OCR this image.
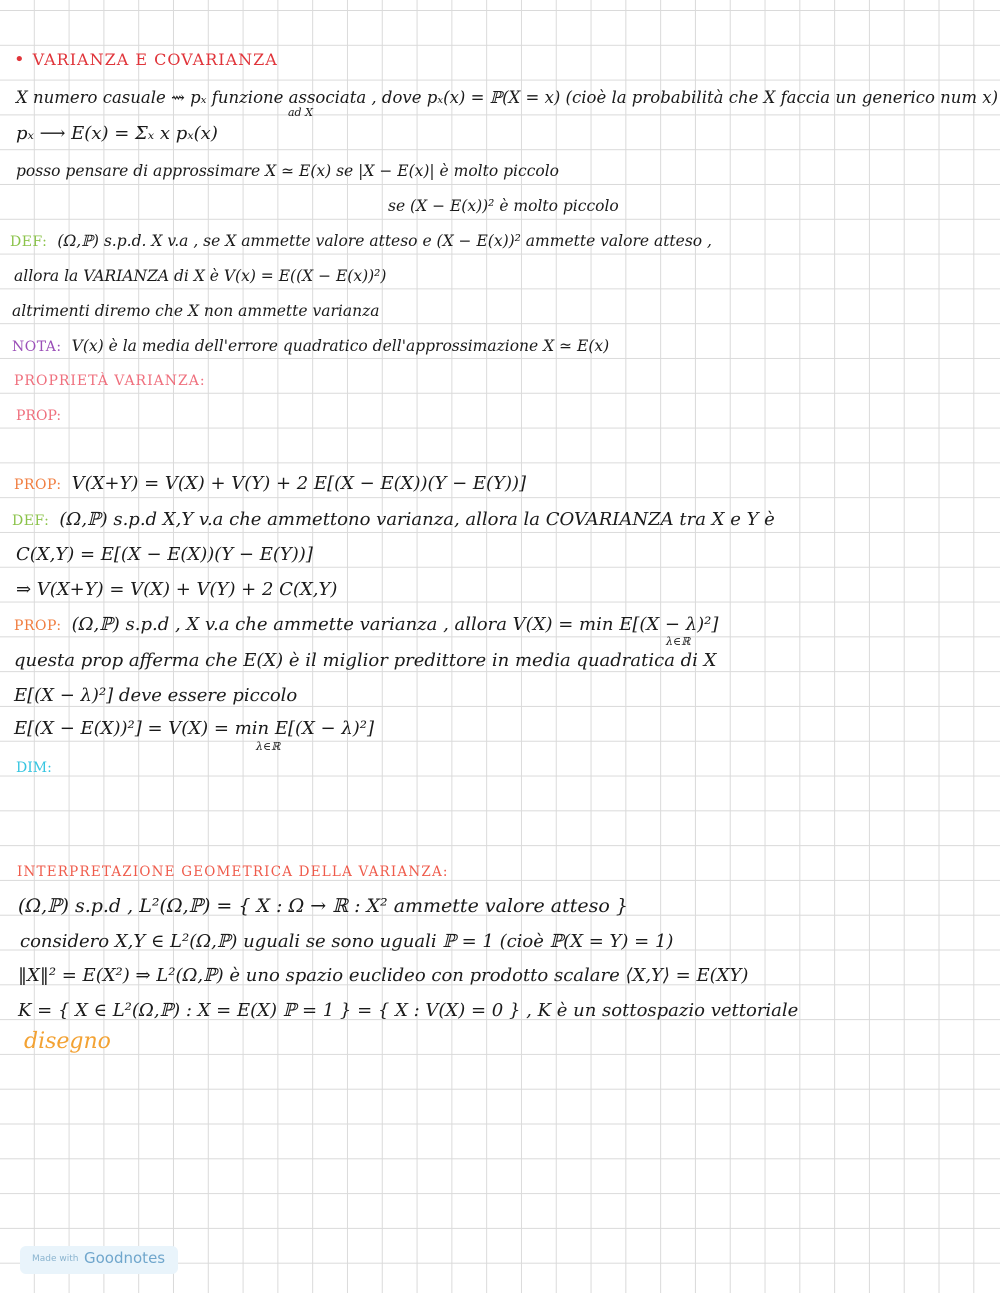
• VARIANZA E COVARIANZA
X numero casuale ⇝ pₓ funzione associata , dove pₓ(x) = ℙ(X = x) (cioè la probabilità che X faccia un generico num x)
ad X
pₓ ⟶ E(x) = Σₓ x pₓ(x)
posso pensare di approssimare X ≃ E(x) se |X − E(x)| è molto piccolo
se (X − E(x))² è molto piccolo
DEF: (Ω,ℙ) s.p.d. X v.a , se X ammette valore atteso e (X − E(x))² ammette valore atteso ,
allora la VARIANZA di X è V(x) = E((X − E(x))²)
altrimenti diremo che X non ammette varianza
NOTA: V(x) è la media dell'errore quadratico dell'approssimazione X ≃ E(x)
PROPRIETÀ VARIANZA:
PROP:
PROP: V(X+Y) = V(X) + V(Y) + 2 E[(X − E(X))(Y − E(Y))]
DEF: (Ω,ℙ) s.p.d X,Y v.a che ammettono varianza, allora la COVARIANZA tra X e Y è
C(X,Y) = E[(X − E(X))(Y − E(Y))]
⇒ V(X+Y) = V(X) + V(Y) + 2 C(X,Y)
PROP: (Ω,ℙ) s.p.d , X v.a che ammette varianza , allora V(X) = min E[(X − λ)²]
λ∈ℝ
questa prop afferma che E(X) è il miglior predittore in media quadratica di X
E[(X − λ)²] deve essere piccolo
E[(X − E(X))²] = V(X) = min E[(X − λ)²]
λ∈ℝ
DIM:
INTERPRETAZIONE GEOMETRICA DELLA VARIANZA:
(Ω,ℙ) s.p.d , L²(Ω,ℙ) = { X : Ω → ℝ : X² ammette valore atteso }
considero X,Y ∈ L²(Ω,ℙ) uguali se sono uguali ℙ = 1 (cioè ℙ(X = Y) = 1)
‖X‖² = E(X²) ⇒ L²(Ω,ℙ) è uno spazio euclideo con prodotto scalare ⟨X,Y⟩ = E(XY)
K = { X ∈ L²(Ω,ℙ) : X = E(X) ℙ = 1 } = { X : V(X) = 0 } , K è un sottospazio vettoriale
disegno
Made with Goodnotes
